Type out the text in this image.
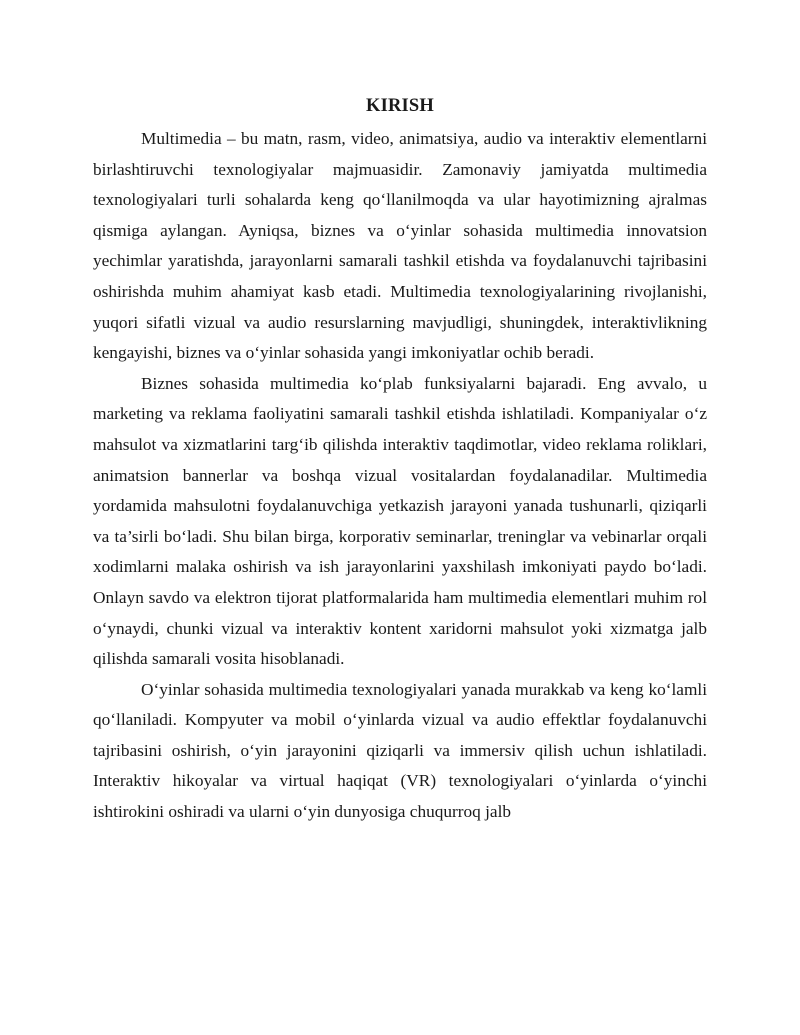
KIRISH

Multimedia – bu matn, rasm, video, animatsiya, audio va interaktiv elementlarni birlashtiruvchi texnologiyalar majmuasidir. Zamonaviy jamiyatda multimedia texnologiyalari turli sohalarda keng qo‘llanilmoqda va ular hayotimizning ajralmas qismiga aylangan. Ayniqsa, biznes va o‘yinlar sohasida multimedia innovatsion yechimlar yaratishda, jarayonlarni samarali tashkil etishda va foydalanuvchi tajribasini oshirishda muhim ahamiyat kasb etadi. Multimedia texnologiyalarining rivojlanishi, yuqori sifatli vizual va audio resurslarning mavjudligi, shuningdek, interaktivlikning kengayishi, biznes va o‘yinlar sohasida yangi imkoniyatlar ochib beradi.

Biznes sohasida multimedia ko‘plab funksiyalarni bajaradi. Eng avvalo, u marketing va reklama faoliyatini samarali tashkil etishda ishlatiladi. Kompaniyalar o‘z mahsulot va xizmatlarini targ‘ib qilishda interaktiv taqdimotlar, video reklama roliklari, animatsion bannerlar va boshqa vizual vositalardan foydalanadilar. Multimedia yordamida mahsulotni foydalanuvchiga yetkazish jarayoni yanada tushunarli, qiziqarli va ta’sirli bo‘ladi. Shu bilan birga, korporativ seminarlar, treninglar va vebinarlar orqali xodimlarni malaka oshirish va ish jarayonlarini yaxshilash imkoniyati paydo bo‘ladi. Onlayn savdo va elektron tijorat platformalarida ham multimedia elementlari muhim rol o‘ynaydi, chunki vizual va interaktiv kontent xaridorni mahsulot yoki xizmatga jalb qilishda samarali vosita hisoblanadi.

O‘yinlar sohasida multimedia texnologiyalari yanada murakkab va keng ko‘lamli qo‘llaniladi. Kompyuter va mobil o‘yinlarda vizual va audio effektlar foydalanuvchi tajribasini oshirish, o‘yin jarayonini qiziqarli va immersiv qilish uchun ishlatiladi. Interaktiv hikoyalar va virtual haqiqat (VR) texnologiyalari o‘yinlarda o‘yinchi ishtirokini oshiradi va ularni o‘yin dunyosiga chuqurroq jalb
